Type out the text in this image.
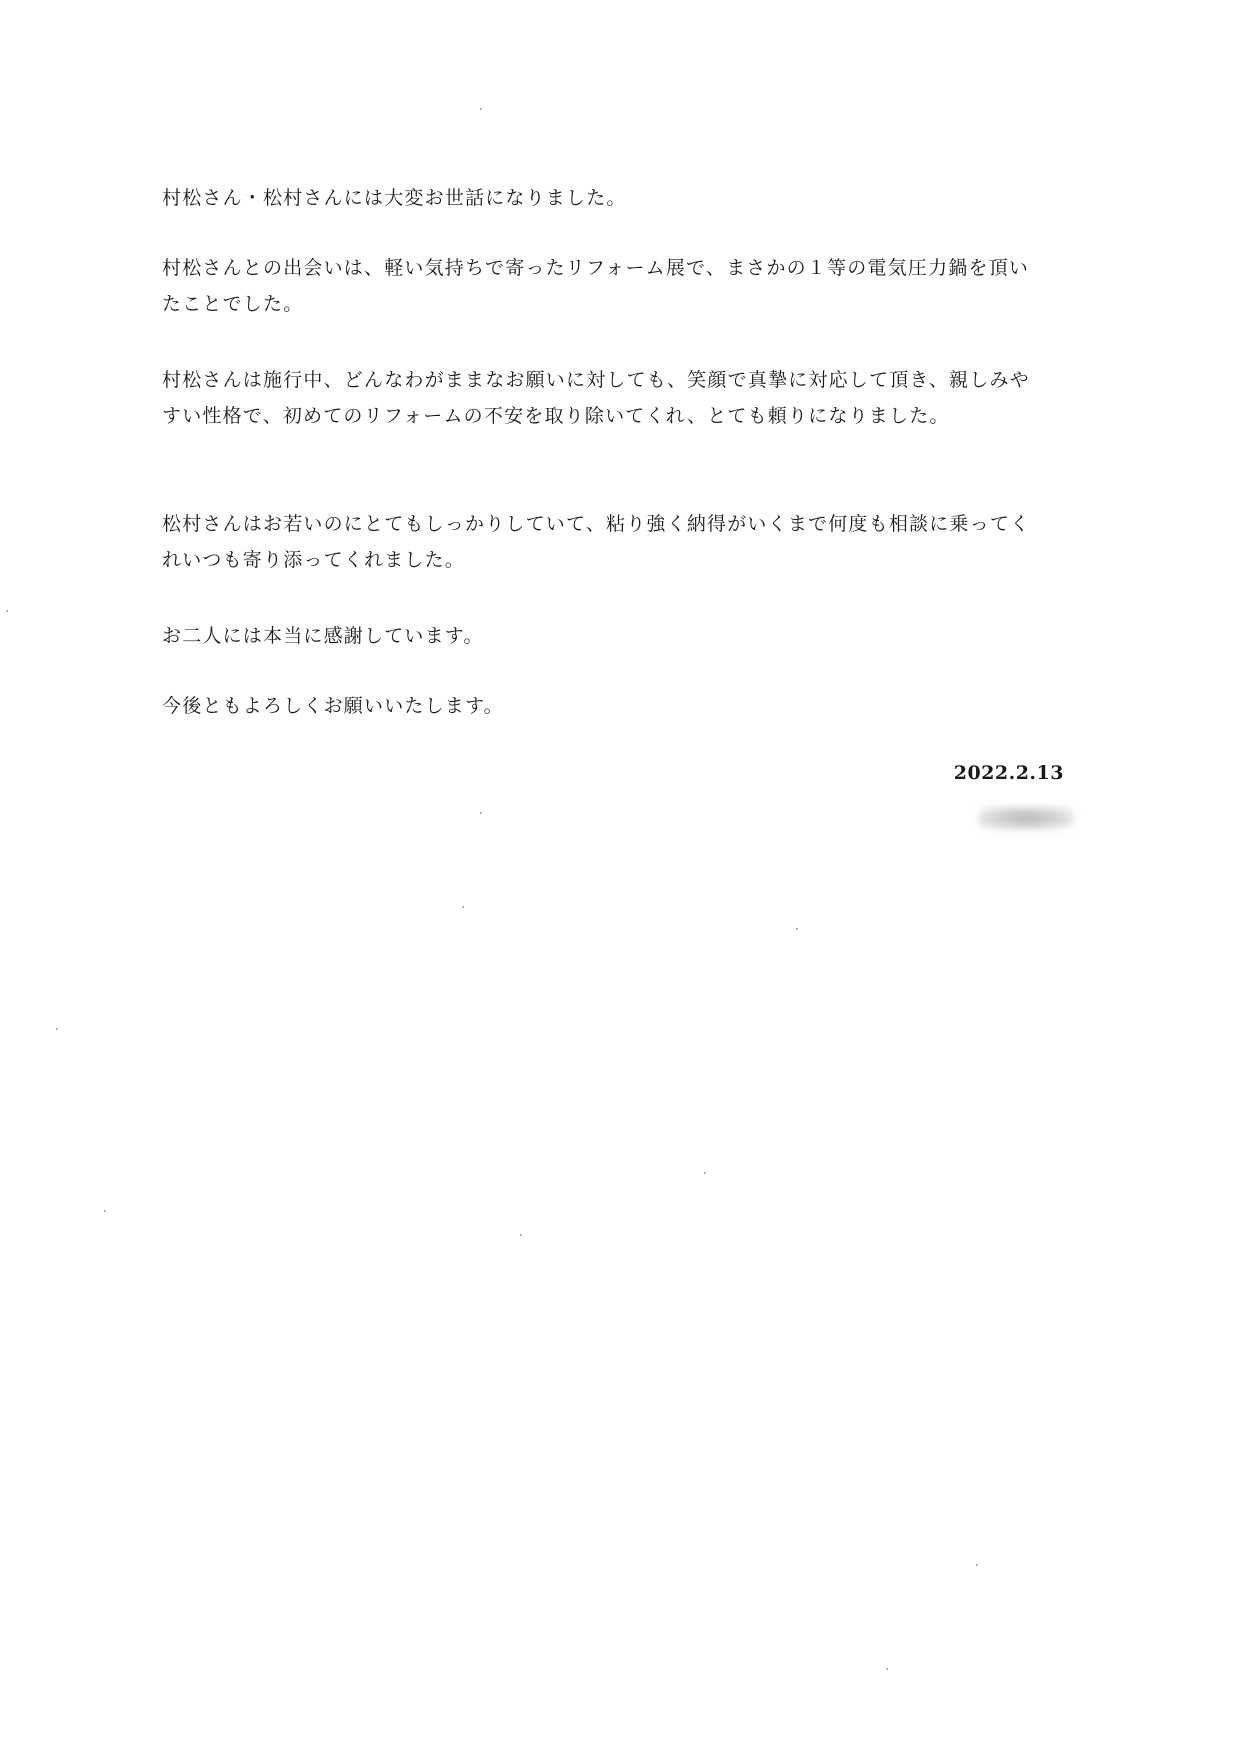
村松さん・松村さんには大変お世話になりました。
村松さんとの出会いは、軽い気持ちで寄ったリフォーム展で、まさかの１等の電気圧力鍋を頂い
たことでした。
村松さんは施行中、どんなわがままなお願いに対しても、笑顔で真摯に対応して頂き、親しみや
すい性格で、初めてのリフォームの不安を取り除いてくれ、とても頼りになりました。
松村さんはお若いのにとてもしっかりしていて、粘り強く納得がいくまで何度も相談に乗ってく
れいつも寄り添ってくれました。
お二人には本当に感謝しています。
今後ともよろしくお願いいたします。
2022.2.13
